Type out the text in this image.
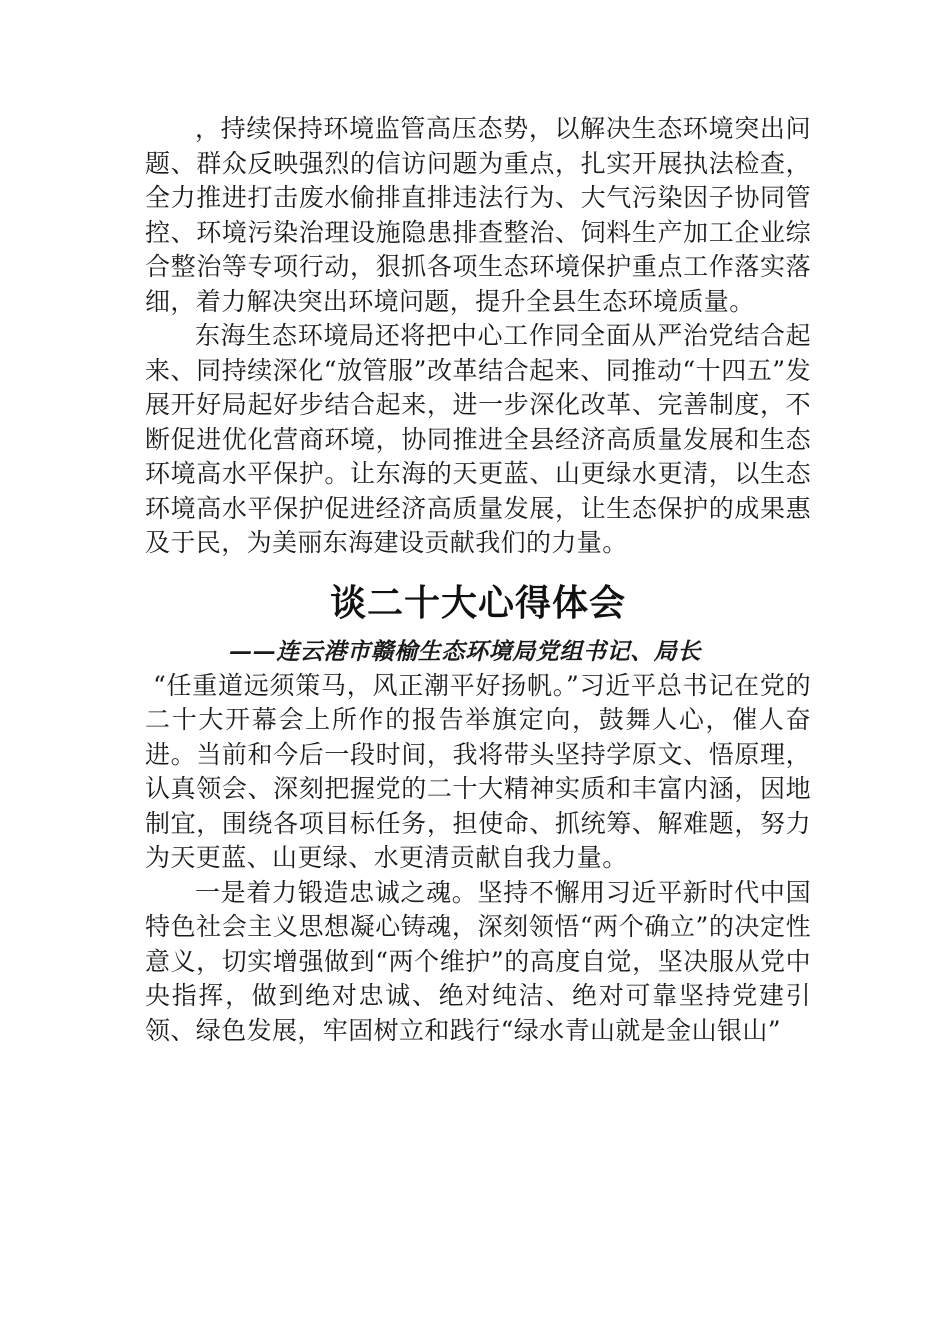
，持续保持环境监管高压态势，以解决生态环境突出问题、群众反映强烈的信访问题为重点，扎实开展执法检查，全力推进打击废水偷排直排违法行为、大气污染因子协同管控、环境污染治理设施隐患排查整治、饲料生产加工企业综合整治等专项行动，狠抓各项生态环境保护重点工作落实落细，着力解决突出环境问题，提升全县生态环境质量。

东海生态环境局还将把中心工作同全面从严治党结合起来、同持续深化“放管服”改革结合起来、同推动“十四五”发展开好局起好步结合起来，进一步深化改革、完善制度，不断促进优化营商环境，协同推进全县经济高质量发展和生态环境高水平保护。让东海的天更蓝、山更绿水更清，以生态环境高水平保护促进经济高质量发展，让生态保护的成果惠及于民，为美丽东海建设贡献我们的力量。

谈二十大心得体会
——连云港市赣榆生态环境局党组书记、局长

“任重道远须策马，风正潮平好扬帆。”习近平总书记在党的二十大开幕会上所作的报告举旗定向，鼓舞人心，催人奋进。当前和今后一段时间，我将带头坚持学原文、悟原理，认真领会、深刻把握党的二十大精神实质和丰富内涵，因地制宜，围绕各项目标任务，担使命、抓统筹、解难题，努力为天更蓝、山更绿、水更清贡献自我力量。

一是着力锻造忠诚之魂。坚持不懈用习近平新时代中国特色社会主义思想凝心铸魂，深刻领悟“两个确立”的决定性意义，切实增强做到“两个维护”的高度自觉，坚决服从党中央指挥，做到绝对忠诚、绝对纯洁、绝对可靠坚持党建引领、绿色发展，牢固树立和践行“绿水青山就是金山银山”
